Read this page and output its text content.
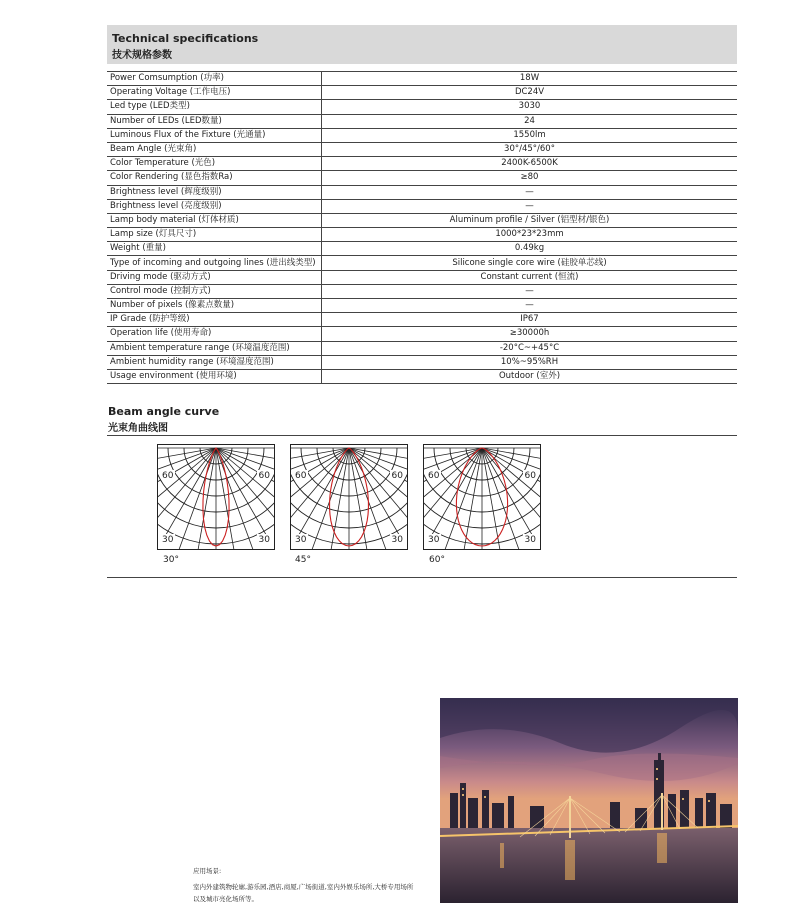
Technical specifications
技术规格参数
Power Comsumption (功率)	18W
Operating Voltage (工作电压)	DC24V
Led type (LED类型)	3030
Number of LEDs (LED数量)	24
Luminous Flux of the Fixture (光通量)	1550lm
Beam Angle (光束角)	30°/45°/60°
Color Temperature (光色)	2400K-6500K
Color Rendering (显色指数Ra)	≥80
Brightness level (辉度级别)	—
Brightness level (亮度级别)	—
Lamp body material (灯体材质)	Aluminum profile / Silver (铝型材/银色)
Lamp size (灯具尺寸)	1000*23*23mm
Weight (重量)	0.49kg
Type of incoming and outgoing lines (进出线类型)	Silicone single core wire (硅胶单芯线)
Driving mode (驱动方式)	Constant current (恒流)
Control mode (控制方式)	—
Number of pixels (像素点数量)	—
IP Grade (防护等级)	IP67
Operation life (使用寿命)	≥30000h
Ambient temperature range (环境温度范围)	-20°C~+45°C
Ambient humidity range (环境湿度范围)	10%~95%RH
Usage environment (使用环境)	Outdoor (室外)
Beam angle curve
光束角曲线图
60	60
30	30
60	60
30	30
60	60
30	30
30°	45°	60°
应用场景:
室内外建筑物轮廓,游乐园,酒店,商厦,广场街道,室内外娱乐场所,大桥专用场所
以及城市亮化场所等。
